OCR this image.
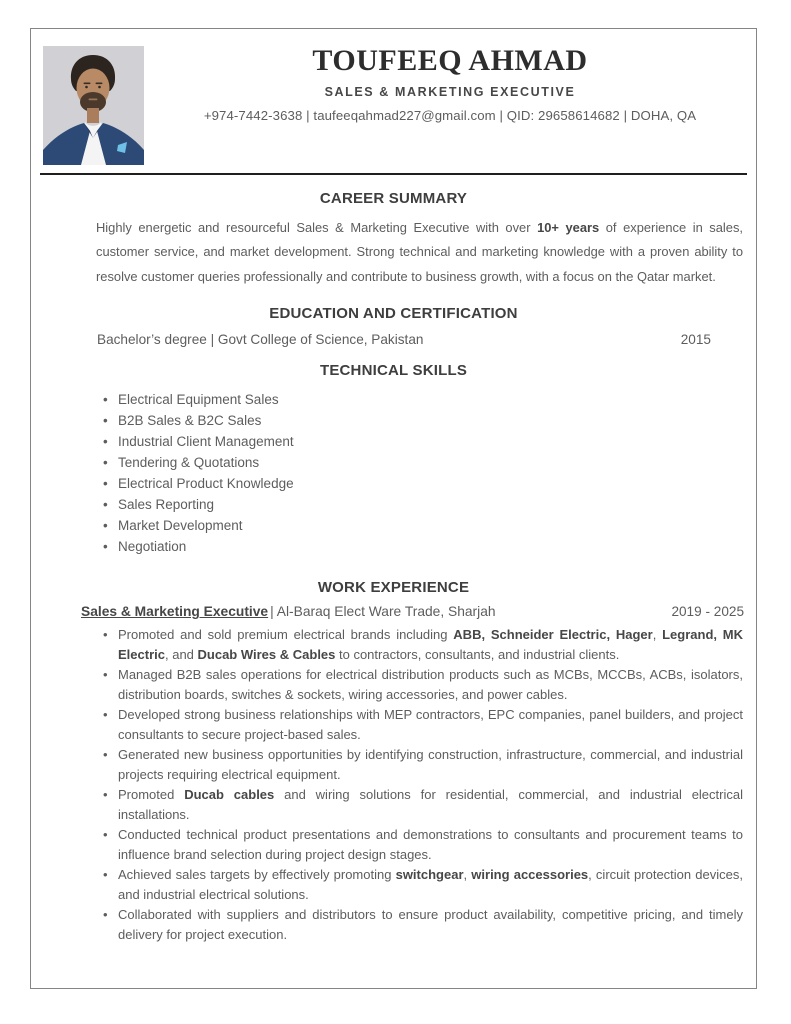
TOUFEEQ AHMAD
SALES & MARKETING EXECUTIVE
+974-7442-3638 | taufeeqahmad227@gmail.com | QID: 29658614682 | DOHA, QA
CAREER SUMMARY

Highly energetic and resourceful Sales & Marketing Executive with over 10+ years of experience in sales, customer service, and market development. Strong technical and marketing knowledge with a proven ability to resolve customer queries professionally and contribute to business growth, with a focus on the Qatar market.

EDUCATION AND CERTIFICATION
Bachelor’s degree | Govt College of Science, Pakistan	2015
TECHNICAL SKILLS
• Electrical Equipment Sales
• B2B Sales & B2C Sales
• Industrial Client Management
• Tendering & Quotations
• Electrical Product Knowledge
• Sales Reporting
• Market Development
• Negotiation
WORK EXPERIENCE
Sales & Marketing Executive | Al-Baraq Elect Ware Trade, Sharjah	2019 - 2025
• Promoted and sold premium electrical brands including ABB, Schneider Electric, Hager, Legrand, MK Electric, and Ducab Wires & Cables to contractors, consultants, and industrial clients.
• Managed B2B sales operations for electrical distribution products such as MCBs, MCCBs, ACBs, isolators, distribution boards, switches & sockets, wiring accessories, and power cables.
• Developed strong business relationships with MEP contractors, EPC companies, panel builders, and project consultants to secure project-based sales.
• Generated new business opportunities by identifying construction, infrastructure, commercial, and industrial projects requiring electrical equipment.
• Promoted Ducab cables and wiring solutions for residential, commercial, and industrial electrical installations.
• Conducted technical product presentations and demonstrations to consultants and procurement teams to influence brand selection during project design stages.
• Achieved sales targets by effectively promoting switchgear, wiring accessories, circuit protection devices, and industrial electrical solutions.
• Collaborated with suppliers and distributors to ensure product availability, competitive pricing, and timely delivery for project execution.
